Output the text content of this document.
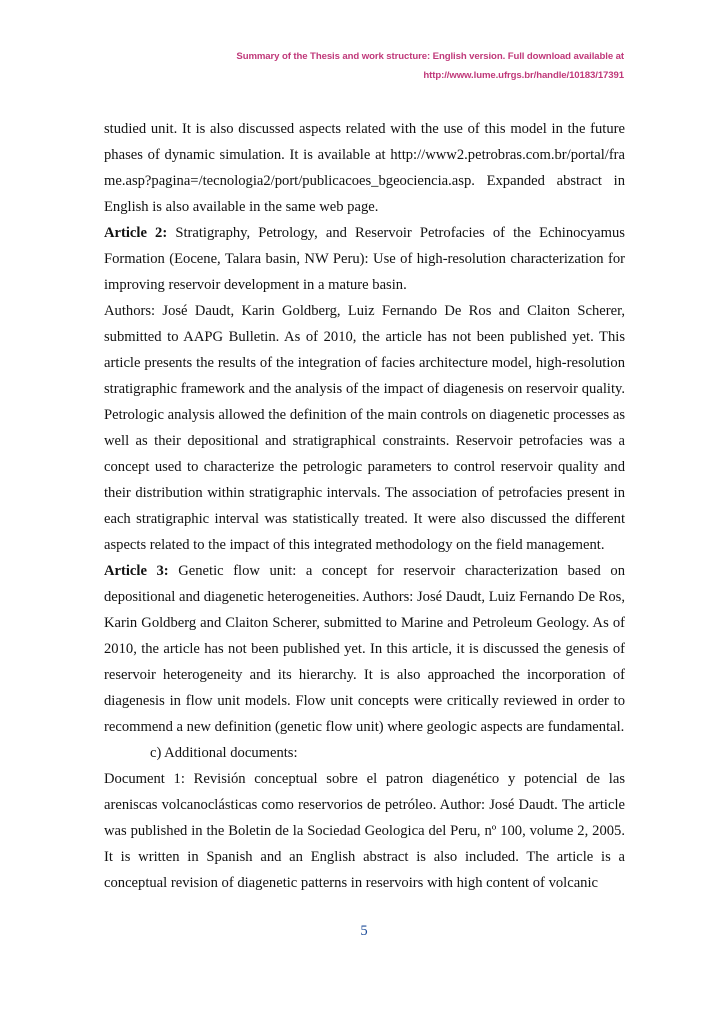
Summary of the Thesis and work structure: English version. Full download available at
http://www.lume.ufrgs.br/handle/10183/17391

studied unit. It is also discussed aspects related with the use of this model in the future phases of dynamic simulation. It is available at http://www2.petrobras.com.br/portal/frame.asp?pagina=/tecnologia2/port/publicacoes_bgeociencia.asp. Expanded abstract in English is also available in the same web page.

Article 2: Stratigraphy, Petrology, and Reservoir Petrofacies of the Echinocyamus Formation (Eocene, Talara basin, NW Peru): Use of high-resolution characterization for improving reservoir development in a mature basin.

Authors: José Daudt, Karin Goldberg, Luiz Fernando De Ros and Claiton Scherer, submitted to AAPG Bulletin. As of 2010, the article has not been published yet. This article presents the results of the integration of facies architecture model, high-resolution stratigraphic framework and the analysis of the impact of diagenesis on reservoir quality. Petrologic analysis allowed the definition of the main controls on diagenetic processes as well as their depositional and stratigraphical constraints. Reservoir petrofacies was a concept used to characterize the petrologic parameters to control reservoir quality and their distribution within stratigraphic intervals. The association of petrofacies present in each stratigraphic interval was statistically treated. It were also discussed the different aspects related to the impact of this integrated methodology on the field management.

Article 3: Genetic flow unit: a concept for reservoir characterization based on depositional and diagenetic heterogeneities. Authors: José Daudt, Luiz Fernando De Ros, Karin Goldberg and Claiton Scherer, submitted to Marine and Petroleum Geology. As of 2010, the article has not been published yet. In this article, it is discussed the genesis of reservoir heterogeneity and its hierarchy. It is also approached the incorporation of diagenesis in flow unit models. Flow unit concepts were critically reviewed in order to recommend a new definition (genetic flow unit) where geologic aspects are fundamental.

c) Additional documents:

Document 1: Revisión conceptual sobre el patron diagenético y potencial de las areniscas volcanoclásticas como reservorios de petróleo. Author: José Daudt. The article was published in the Boletin de la Sociedad Geologica del Peru, nº 100, volume 2, 2005. It is written in Spanish and an English abstract is also included. The article is a conceptual revision of diagenetic patterns in reservoirs with high content of volcanic

5
